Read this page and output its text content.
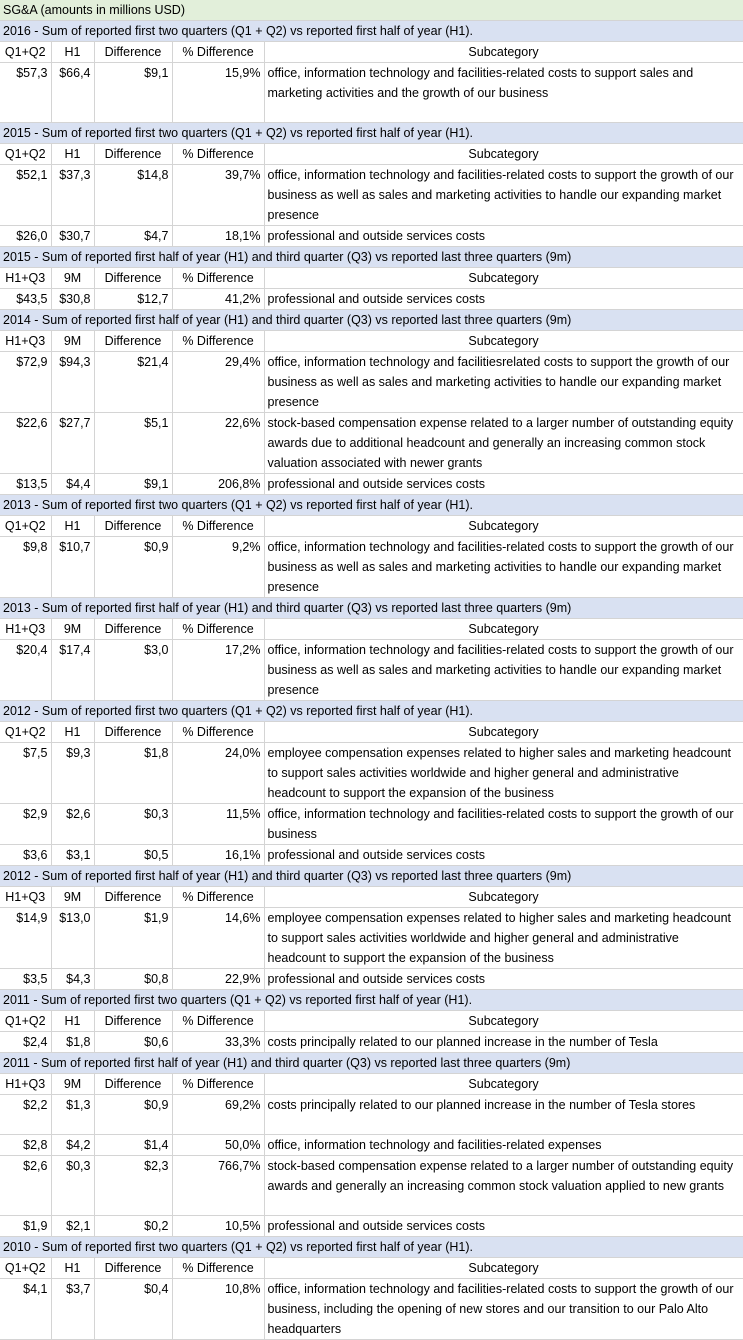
SG&A (amounts in millions USD)				
2016 - Sum of reported first two quarters (Q1 + Q2) vs reported first half of year (H1).				
Q1+Q2	H1	Difference	% Difference	Subcategory
$57,3	$66,4	$9,1	15,9%	office, information technology and facilities-related costs to support sales and marketing activities and the growth of our business
2015 - Sum of reported first two quarters (Q1 + Q2) vs reported first half of year (H1).				
Q1+Q2	H1	Difference	% Difference	Subcategory
$52,1	$37,3	$14,8	39,7%	office, information technology and facilities-related costs to support the growth of our business as well as sales and marketing activities to handle our expanding market presence
$26,0	$30,7	$4,7	18,1%	professional and outside services costs
2015 - Sum of reported first half of year (H1) and third quarter (Q3) vs reported last three quarters (9m)				
H1+Q3	9M	Difference	% Difference	Subcategory
$43,5	$30,8	$12,7	41,2%	professional and outside services costs
2014 - Sum of reported first half of year (H1) and third quarter (Q3) vs reported last three quarters (9m)				
H1+Q3	9M	Difference	% Difference	Subcategory
$72,9	$94,3	$21,4	29,4%	office, information technology and facilitiesrelated costs to support the growth of our business as well as sales and marketing activities to handle our expanding market presence
$22,6	$27,7	$5,1	22,6%	stock-based compensation expense related to a larger number of outstanding equity awards due to additional headcount and generally an increasing common stock valuation associated with newer grants
$13,5	$4,4	$9,1	206,8%	professional and outside services costs
2013 - Sum of reported first two quarters (Q1 + Q2) vs reported first half of year (H1).				
Q1+Q2	H1	Difference	% Difference	Subcategory
$9,8	$10,7	$0,9	9,2%	office, information technology and facilities-related costs to support the growth of our business as well as sales and marketing activities to handle our expanding market presence
2013 - Sum of reported first half of year (H1) and third quarter (Q3) vs reported last three quarters (9m)				
H1+Q3	9M	Difference	% Difference	Subcategory
$20,4	$17,4	$3,0	17,2%	office, information technology and facilities-related costs to support the growth of our business as well as sales and marketing activities to handle our expanding market presence
2012 - Sum of reported first two quarters (Q1 + Q2) vs reported first half of year (H1).				
Q1+Q2	H1	Difference	% Difference	Subcategory
$7,5	$9,3	$1,8	24,0%	employee compensation expenses related to higher sales and marketing headcount to support sales activities worldwide and higher general and administrative headcount to support the expansion of the business
$2,9	$2,6	$0,3	11,5%	office, information technology and facilities-related costs to support the growth of our business
$3,6	$3,1	$0,5	16,1%	professional and outside services costs
2012 - Sum of reported first half of year (H1) and third quarter (Q3) vs reported last three quarters (9m)				
H1+Q3	9M	Difference	% Difference	Subcategory
$14,9	$13,0	$1,9	14,6%	employee compensation expenses related to higher sales and marketing headcount to support sales activities worldwide and higher general and administrative headcount to support the expansion of the business
$3,5	$4,3	$0,8	22,9%	professional and outside services costs
2011 - Sum of reported first two quarters (Q1 + Q2) vs reported first half of year (H1).				
Q1+Q2	H1	Difference	% Difference	Subcategory
$2,4	$1,8	$0,6	33,3%	costs principally related to our planned increase in the number of Tesla
2011 - Sum of reported first half of year (H1) and third quarter (Q3) vs reported last three quarters (9m)				
H1+Q3	9M	Difference	% Difference	Subcategory
$2,2	$1,3	$0,9	69,2%	costs principally related to our planned increase in the number of Tesla stores
$2,8	$4,2	$1,4	50,0%	office, information technology and facilities-related expenses
$2,6	$0,3	$2,3	766,7%	stock-based compensation expense related to a larger number of outstanding equity awards and generally an increasing common stock valuation applied to new grants
$1,9	$2,1	$0,2	10,5%	professional and outside services costs
2010 - Sum of reported first two quarters (Q1 + Q2) vs reported first half of year (H1).				
Q1+Q2	H1	Difference	% Difference	Subcategory
$4,1	$3,7	$0,4	10,8%	office, information technology and facilities-related costs to support the growth of our business, including the opening of new stores and our transition to our Palo Alto headquarters
